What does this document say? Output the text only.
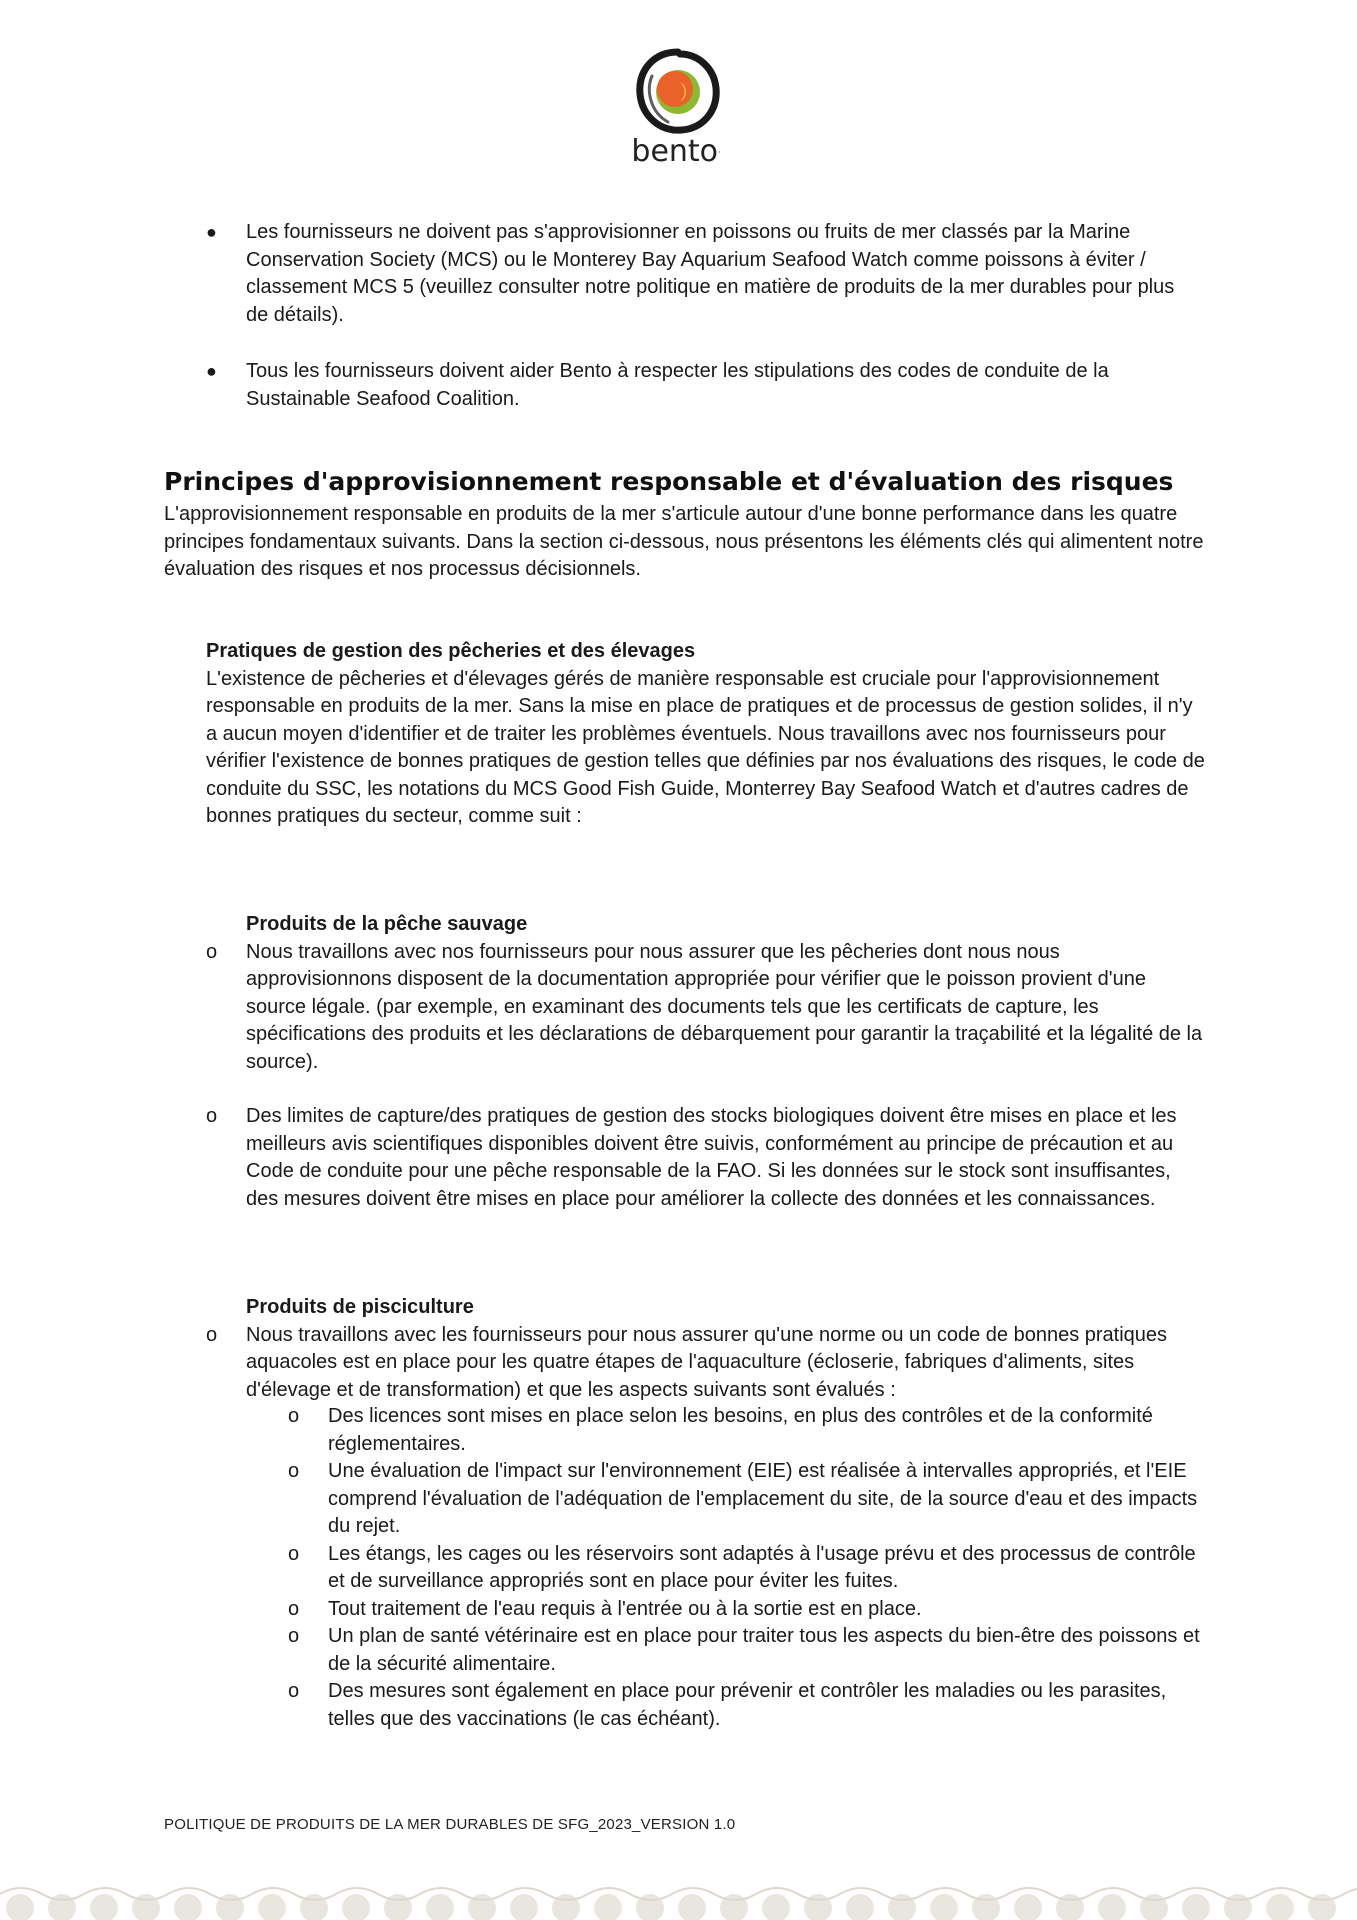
bento·
● Les fournisseurs ne doivent pas s'approvisionner en poissons ou fruits de mer classés par la Marine Conservation Society (MCS) ou le Monterey Bay Aquarium Seafood Watch comme poissons à éviter / classement MCS 5 (veuillez consulter notre politique en matière de produits de la mer durables pour plus de détails).
● Tous les fournisseurs doivent aider Bento à respecter les stipulations des codes de conduite de la Sustainable Seafood Coalition.
Principes d'approvisionnement responsable et d'évaluation des risques
L'approvisionnement responsable en produits de la mer s'articule autour d'une bonne performance dans les quatre principes fondamentaux suivants. Dans la section ci-dessous, nous présentons les éléments clés qui alimentent notre évaluation des risques et nos processus décisionnels.
Pratiques de gestion des pêcheries et des élevages
L'existence de pêcheries et d'élevages gérés de manière responsable est cruciale pour l'approvisionnement responsable en produits de la mer. Sans la mise en place de pratiques et de processus de gestion solides, il n'y a aucun moyen d'identifier et de traiter les problèmes éventuels. Nous travaillons avec nos fournisseurs pour vérifier l'existence de bonnes pratiques de gestion telles que définies par nos évaluations des risques, le code de conduite du SSC, les notations du MCS Good Fish Guide, Monterrey Bay Seafood Watch et d'autres cadres de bonnes pratiques du secteur, comme suit :
Produits de la pêche sauvage
o Nous travaillons avec nos fournisseurs pour nous assurer que les pêcheries dont nous nous approvisionnons disposent de la documentation appropriée pour vérifier que le poisson provient d'une source légale. (par exemple, en examinant des documents tels que les certificats de capture, les spécifications des produits et les déclarations de débarquement pour garantir la traçabilité et la légalité de la source).
o Des limites de capture/des pratiques de gestion des stocks biologiques doivent être mises en place et les meilleurs avis scientifiques disponibles doivent être suivis, conformément au principe de précaution et au Code de conduite pour une pêche responsable de la FAO. Si les données sur le stock sont insuffisantes, des mesures doivent être mises en place pour améliorer la collecte des données et les connaissances.
Produits de pisciculture
o Nous travaillons avec les fournisseurs pour nous assurer qu'une norme ou un code de bonnes pratiques aquacoles est en place pour les quatre étapes de l'aquaculture (écloserie, fabriques d'aliments, sites d'élevage et de transformation) et que les aspects suivants sont évalués :
o Des licences sont mises en place selon les besoins, en plus des contrôles et de la conformité réglementaires.
o Une évaluation de l'impact sur l'environnement (EIE) est réalisée à intervalles appropriés, et l'EIE comprend l'évaluation de l'adéquation de l'emplacement du site, de la source d'eau et des impacts du rejet.
o Les étangs, les cages ou les réservoirs sont adaptés à l'usage prévu et des processus de contrôle et de surveillance appropriés sont en place pour éviter les fuites.
o Tout traitement de l'eau requis à l'entrée ou à la sortie est en place.
o Un plan de santé vétérinaire est en place pour traiter tous les aspects du bien-être des poissons et de la sécurité alimentaire.
o Des mesures sont également en place pour prévenir et contrôler les maladies ou les parasites, telles que des vaccinations (le cas échéant).
POLITIQUE DE PRODUITS DE LA MER DURABLES DE SFG_2023_VERSION 1.0
